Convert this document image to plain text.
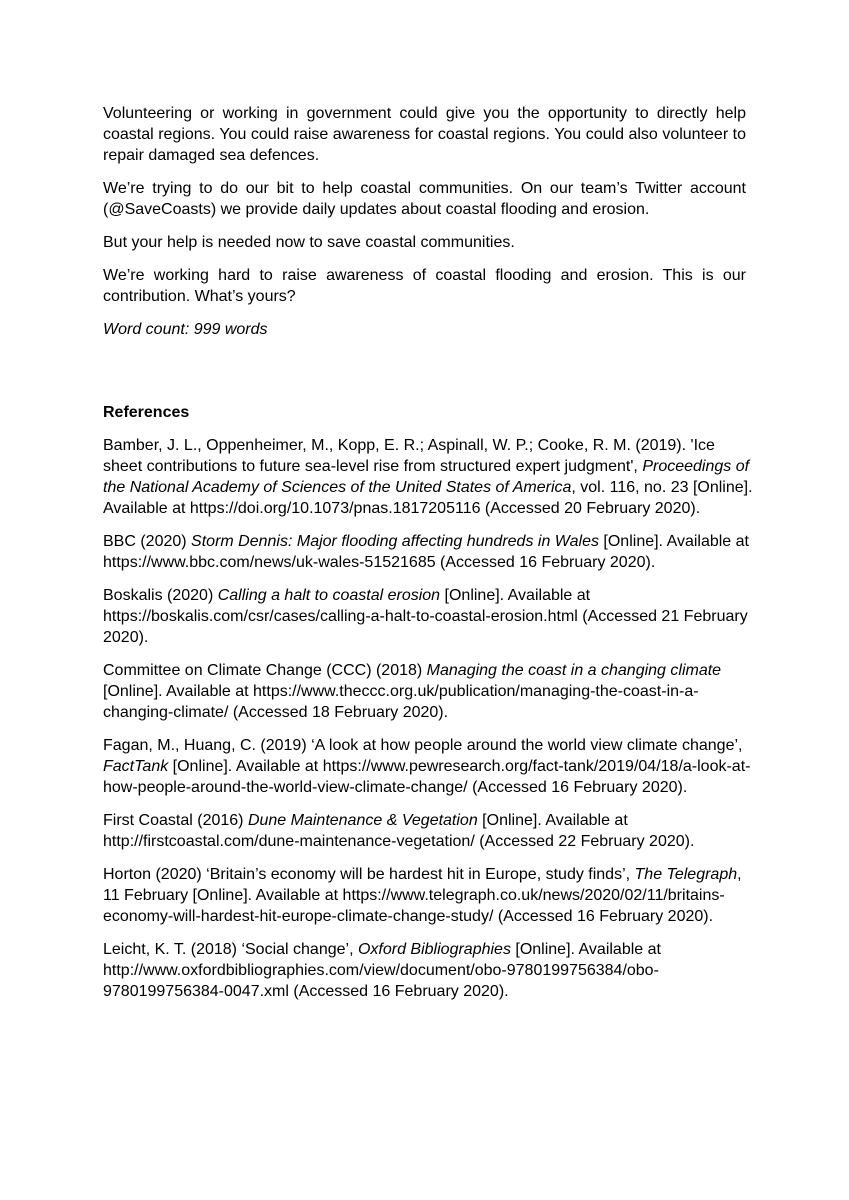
Volunteering or working in government could give you the opportunity to directly help coastal regions. You could raise awareness for coastal regions. You could also volunteer to repair damaged sea defences.

We’re trying to do our bit to help coastal communities. On our team’s Twitter account (@SaveCoasts) we provide daily updates about coastal flooding and erosion.

But your help is needed now to save coastal communities.

We’re working hard to raise awareness of coastal flooding and erosion. This is our contribution. What’s yours?

Word count: 999 words

References

Bamber, J. L., Oppenheimer, M., Kopp, E. R.; Aspinall, W. P.; Cooke, R. M. (2019). 'Ice sheet contributions to future sea-level rise from structured expert judgment', Proceedings of the National Academy of Sciences of the United States of America, vol. 116, no. 23 [Online]. Available at https://doi.org/10.1073/pnas.1817205116 (Accessed 20 February 2020).

BBC (2020) Storm Dennis: Major flooding affecting hundreds in Wales [Online]. Available at https://www.bbc.com/news/uk-wales-51521685 (Accessed 16 February 2020).

Boskalis (2020) Calling a halt to coastal erosion [Online]. Available at https://boskalis.com/csr/cases/calling-a-halt-to-coastal-erosion.html (Accessed 21 February 2020).

Committee on Climate Change (CCC) (2018) Managing the coast in a changing climate [Online]. Available at https://www.theccc.org.uk/publication/managing-the-coast-in-a-changing-climate/ (Accessed 18 February 2020).

Fagan, M., Huang, C. (2019) ‘A look at how people around the world view climate change’, FactTank [Online]. Available at https://www.pewresearch.org/fact-tank/2019/04/18/a-look-at-how-people-around-the-world-view-climate-change/ (Accessed 16 February 2020).

First Coastal (2016) Dune Maintenance & Vegetation [Online]. Available at http://firstcoastal.com/dune-maintenance-vegetation/ (Accessed 22 February 2020).

Horton (2020) ‘Britain’s economy will be hardest hit in Europe, study finds’, The Telegraph, 11 February [Online]. Available at https://www.telegraph.co.uk/news/2020/02/11/britains-economy-will-hardest-hit-europe-climate-change-study/ (Accessed 16 February 2020).

Leicht, K. T. (2018) ‘Social change’, Oxford Bibliographies [Online]. Available at http://www.oxfordbibliographies.com/view/document/obo-9780199756384/obo-9780199756384-0047.xml (Accessed 16 February 2020).
